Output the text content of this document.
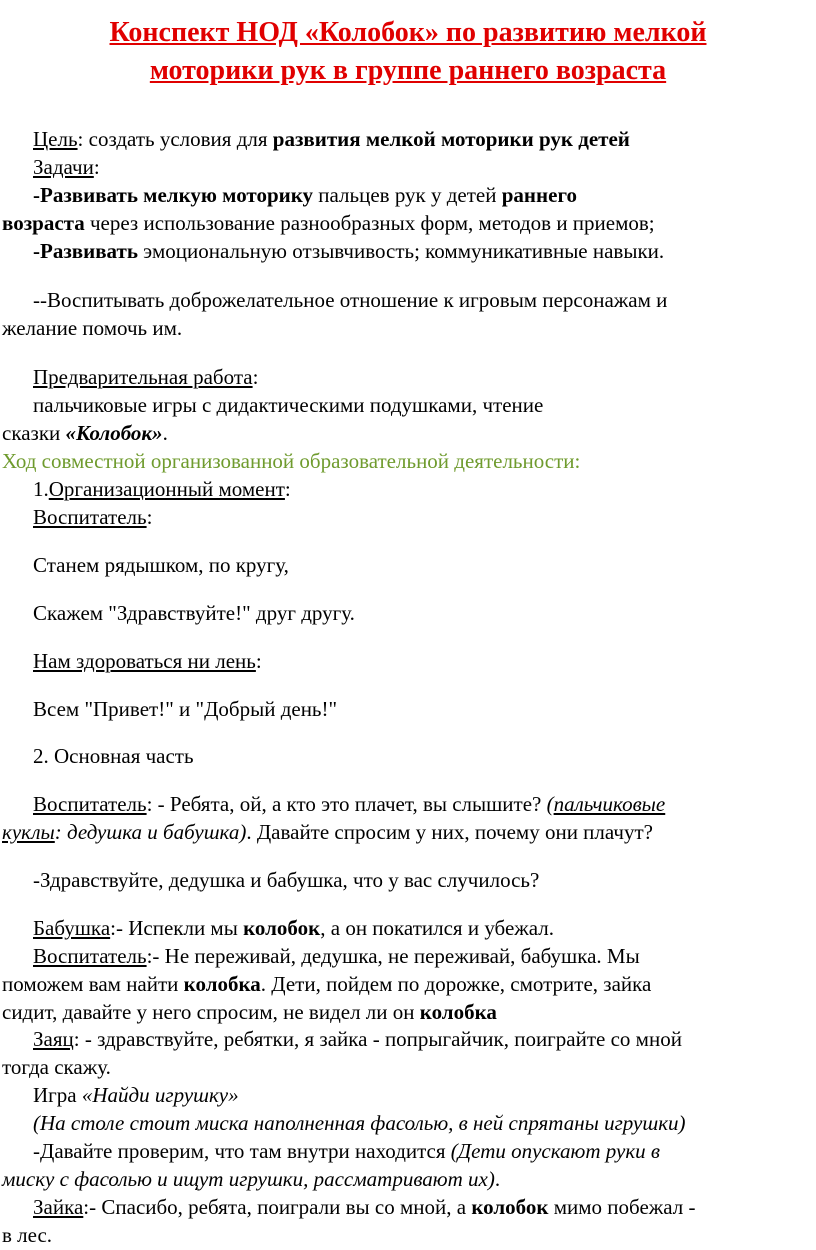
Конспект НОД «Колобок» по развитию мелкой
моторики рук в группе раннего возраста
Цель: создать условия для развития мелкой моторики рук детей
Задачи:
-Развивать мелкую моторику пальцев рук у детей раннего
возраста через использование разнообразных форм, методов и приемов;
-Развивать эмоциональную отзывчивость; коммуникативные навыки.
--Воспитывать доброжелательное отношение к игровым персонажам и
желание помочь им.
Предварительная работа:
пальчиковые игры с дидактическими подушками, чтение
сказки «Колобок».
Ход совместной организованной образовательной деятельности:
1.Организационный момент:
Воспитатель:
Станем рядышком, по кругу,
Скажем "Здравствуйте!" друг другу.
Нам здороваться ни лень:
Всем "Привет!" и "Добрый день!"
2. Основная часть
Воспитатель: - Ребята, ой, а кто это плачет, вы слышите? (пальчиковые
куклы: дедушка и бабушка). Давайте спросим у них, почему они плачут?
-Здравствуйте, дедушка и бабушка, что у вас случилось?
Бабушка:- Испекли мы колобок, а он покатился и убежал.
Воспитатель:- Не переживай, дедушка, не переживай, бабушка. Мы
поможем вам найти колобка. Дети, пойдем по дорожке, смотрите, зайка
сидит, давайте у него спросим, не видел ли он колобка
Заяц: - здравствуйте, ребятки, я зайка - попрыгайчик, поиграйте со мной
тогда скажу.
Игра «Найди игрушку»
(На столе стоит миска наполненная фасолью, в ней спрятаны игрушки)
-Давайте проверим, что там внутри находится (Дети опускают руки в
миску с фасолью и ищут игрушки, рассматривают их).
Зайка:- Спасибо, ребята, поиграли вы со мной, а колобок мимо побежал -
в лес.
